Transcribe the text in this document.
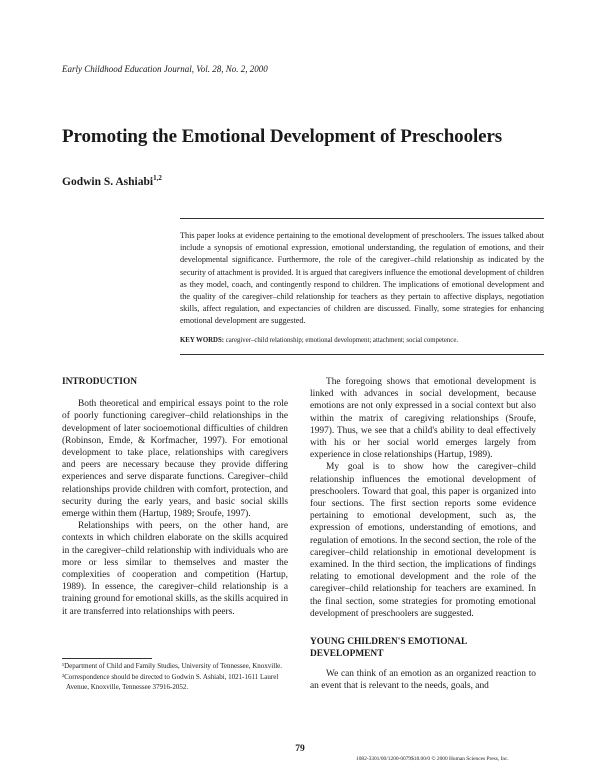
Early Childhood Education Journal, Vol. 28, No. 2, 2000
Promoting the Emotional Development of Preschoolers
Godwin S. Ashiabi$^{1,2}$

This paper looks at evidence pertaining to the emotional development of preschoolers. The issues talked about include a synopsis of emotional expression, emotional understanding, the regulation of emotions, and their developmental significance. Furthermore, the role of the caregiver–child relationship as indicated by the security of attachment is provided. It is argued that caregivers influence the emotional development of children as they model, coach, and contingently respond to children. The implications of emotional development and the quality of the caregiver–child relationship for teachers as they pertain to affective displays, negotiation skills, affect regulation, and expectancies of children are discussed. Finally, some strategies for enhancing emotional development are suggested.

KEY WORDS: caregiver–child relationship; emotional development; attachment; social competence.
INTRODUCTION

Both theoretical and empirical essays point to the role of poorly functioning caregiver–child relationships in the development of later socioemotional difficulties of children (Robinson, Emde, & Korfmacher, 1997). For emotional development to take place, relationships with caregivers and peers are necessary because they provide differing experiences and serve disparate functions. Caregiver–child relationships provide children with comfort, protection, and security during the early years, and basic social skills emerge within them (Hartup, 1989; Sroufe, 1997).

Relationships with peers, on the other hand, are contexts in which children elaborate on the skills acquired in the caregiver–child relationship with individuals who are more or less similar to themselves and master the complexities of cooperation and competition (Hartup, 1989). In essence, the caregiver–child relationship is a training ground for emotional skills, as the skills acquired in it are transferred into relationships with peers.

The foregoing shows that emotional development is linked with advances in social development, because emotions are not only expressed in a social context but also within the matrix of caregiving relationships (Sroufe, 1997). Thus, we see that a child's ability to deal effectively with his or her social world emerges largely from experience in close relationships (Hartup, 1989).

My goal is to show how the caregiver–child relationship influences the emotional development of preschoolers. Toward that goal, this paper is organized into four sections. The first section reports some evidence pertaining to emotional development, such as, the expression of emotions, understanding of emotions, and regulation of emotions. In the second section, the role of the caregiver–child relationship in emotional development is examined. In the third section, the implications of findings relating to emotional development and the role of the caregiver–child relationship for teachers are examined. In the final section, some strategies for promoting emotional development of preschoolers are suggested.

YOUNG CHILDREN'S EMOTIONAL
DEVELOPMENT

We can think of an emotion as an organized reaction to an event that is relevant to the needs, goals, and

¹Department of Child and Family Studies, University of Tennessee, Knoxville.
²Correspondence should be directed to Godwin S. Ashiabi, 1021-1611 Laurel Avenue, Knoxville, Tennessee 37916-2052.
79
1082-3301/00/1200-0079$18.00/0 © 2000 Human Sciences Press, Inc.
